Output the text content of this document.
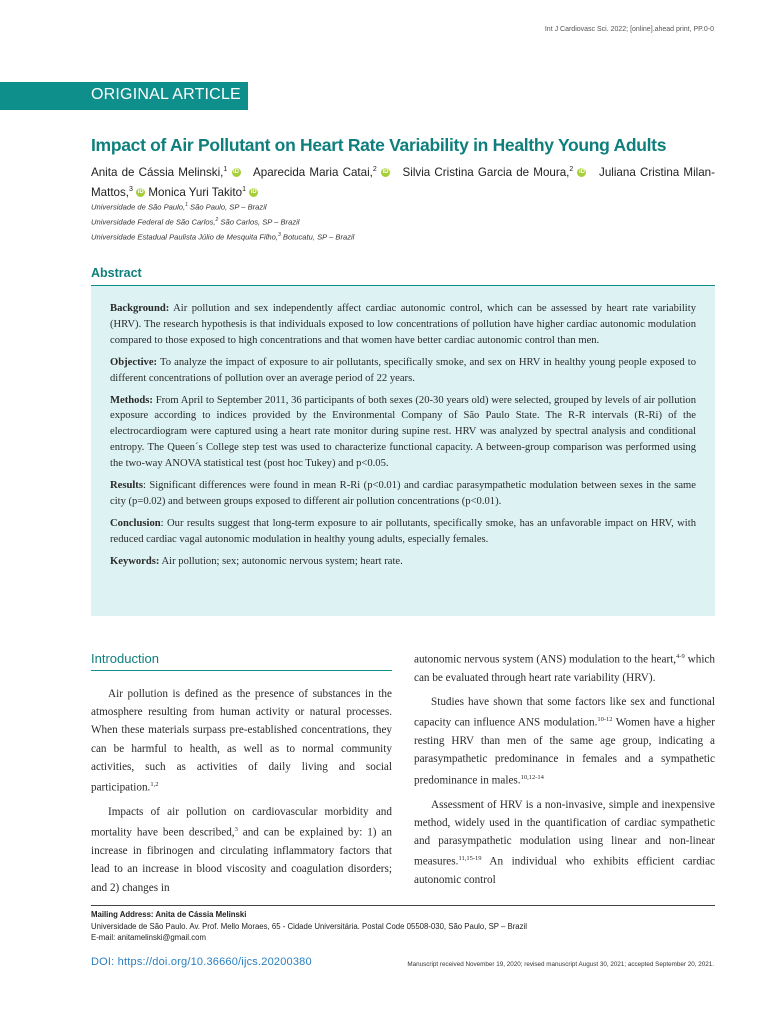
Int J Cardiovasc Sci. 2022; [online].ahead print, PP.0-0
ORIGINAL ARTICLE
Impact of Air Pollutant on Heart Rate Variability in Healthy Young Adults
Anita de Cássia Melinski,$^1$ iD Aparecida Maria Catai,$^2$ iD Silvia Cristina Garcia de Moura,$^2$ iD Juliana Cristina Milan-Mattos,$^3$ iD Monica Yuri Takito$^1$ iD
Universidade de São Paulo,$^1$ São Paulo, SP – Brazil
Universidade Federal de São Carlos,$^2$ São Carlos, SP – Brazil
Universidade Estadual Paulista Júlio de Mesquita Filho,$^3$ Botucatu, SP – Brazil
Abstract

Background: Air pollution and sex independently affect cardiac autonomic control, which can be assessed by heart rate variability (HRV). The research hypothesis is that individuals exposed to low concentrations of pollution have higher cardiac autonomic modulation compared to those exposed to high concentrations and that women have better cardiac autonomic control than men.

Objective: To analyze the impact of exposure to air pollutants, specifically smoke, and sex on HRV in healthy young people exposed to different concentrations of pollution over an average period of 22 years.

Methods: From April to September 2011, 36 participants of both sexes (20-30 years old) were selected, grouped by levels of air pollution exposure according to indices provided by the Environmental Company of São Paulo State. The R-R intervals (R-Ri) of the electrocardiogram were captured using a heart rate monitor during supine rest. HRV was analyzed by spectral analysis and conditional entropy. The Queen´s College step test was used to characterize functional capacity. A between-group comparison was performed using the two-way ANOVA statistical test (post hoc Tukey) and p<0.05.

Results: Significant differences were found in mean R-Ri (p<0.01) and cardiac parasympathetic modulation between sexes in the same city (p=0.02) and between groups exposed to different air pollution concentrations (p<0.01).

Conclusion: Our results suggest that long-term exposure to air pollutants, specifically smoke, has an unfavorable impact on HRV, with reduced cardiac vagal autonomic modulation in healthy young adults, especially females.

Keywords: Air pollution; sex; autonomic nervous system; heart rate.

Introduction

Air pollution is defined as the presence of substances in the atmosphere resulting from human activity or natural processes. When these materials surpass pre-established concentrations, they can be harmful to health, as well as to normal community activities, such as activities of daily living and social participation.$^{1,2}$

Impacts of air pollution on cardiovascular morbidity and mortality have been described,$^3$ and can be explained by: 1) an increase in fibrinogen and circulating inflammatory factors that lead to an increase in blood viscosity and coagulation disorders; and 2) changes in

autonomic nervous system (ANS) modulation to the heart,$^{4-9}$ which can be evaluated through heart rate variability (HRV).

Studies have shown that some factors like sex and functional capacity can influence ANS modulation.$^{10-12}$ Women have a higher resting HRV than men of the same age group, indicating a parasympathetic predominance in females and a sympathetic predominance in males.$^{10,12-14}$

Assessment of HRV is a non-invasive, simple and inexpensive method, widely used in the quantification of cardiac sympathetic and parasympathetic modulation using linear and non-linear measures.$^{11,15-19}$ An individual who exhibits efficient cardiac autonomic control

Mailing Address: Anita de Cássia Melinski
Universidade de São Paulo. Av. Prof. Mello Moraes, 65 - Cidade Universitária. Postal Code 05508-030, São Paulo, SP – Brazil
E-mail: anitamelinski@gmail.com
DOI: https://doi.org/10.36660/ijcs.20200380	Manuscript received November 19, 2020; revised manuscript August 30, 2021; accepted September 20, 2021.
